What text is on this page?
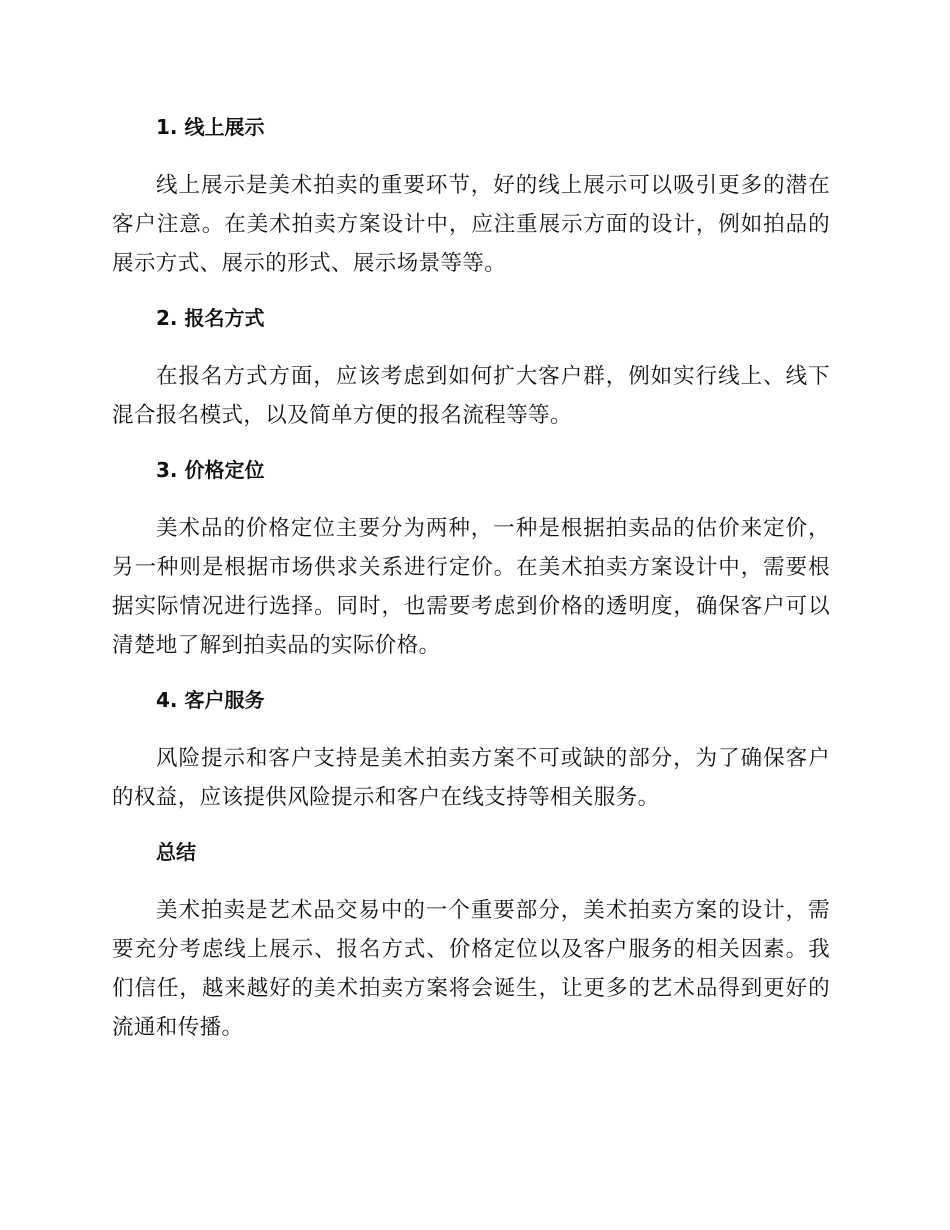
1. 线上展示

线上展示是美术拍卖的重要环节，好的线上展示可以吸引更多的潜在客户注意。在美术拍卖方案设计中，应注重展示方面的设计，例如拍品的展示方式、展示的形式、展示场景等等。

2. 报名方式

在报名方式方面，应该考虑到如何扩大客户群，例如实行线上、线下混合报名模式，以及简单方便的报名流程等等。

3. 价格定位

美术品的价格定位主要分为两种，一种是根据拍卖品的估价来定价，另一种则是根据市场供求关系进行定价。在美术拍卖方案设计中，需要根据实际情况进行选择。同时，也需要考虑到价格的透明度，确保客户可以清楚地了解到拍卖品的实际价格。

4. 客户服务

风险提示和客户支持是美术拍卖方案不可或缺的部分，为了确保客户的权益，应该提供风险提示和客户在线支持等相关服务。

总结

美术拍卖是艺术品交易中的一个重要部分，美术拍卖方案的设计，需要充分考虑线上展示、报名方式、价格定位以及客户服务的相关因素。我们信任，越来越好的美术拍卖方案将会诞生，让更多的艺术品得到更好的流通和传播。
